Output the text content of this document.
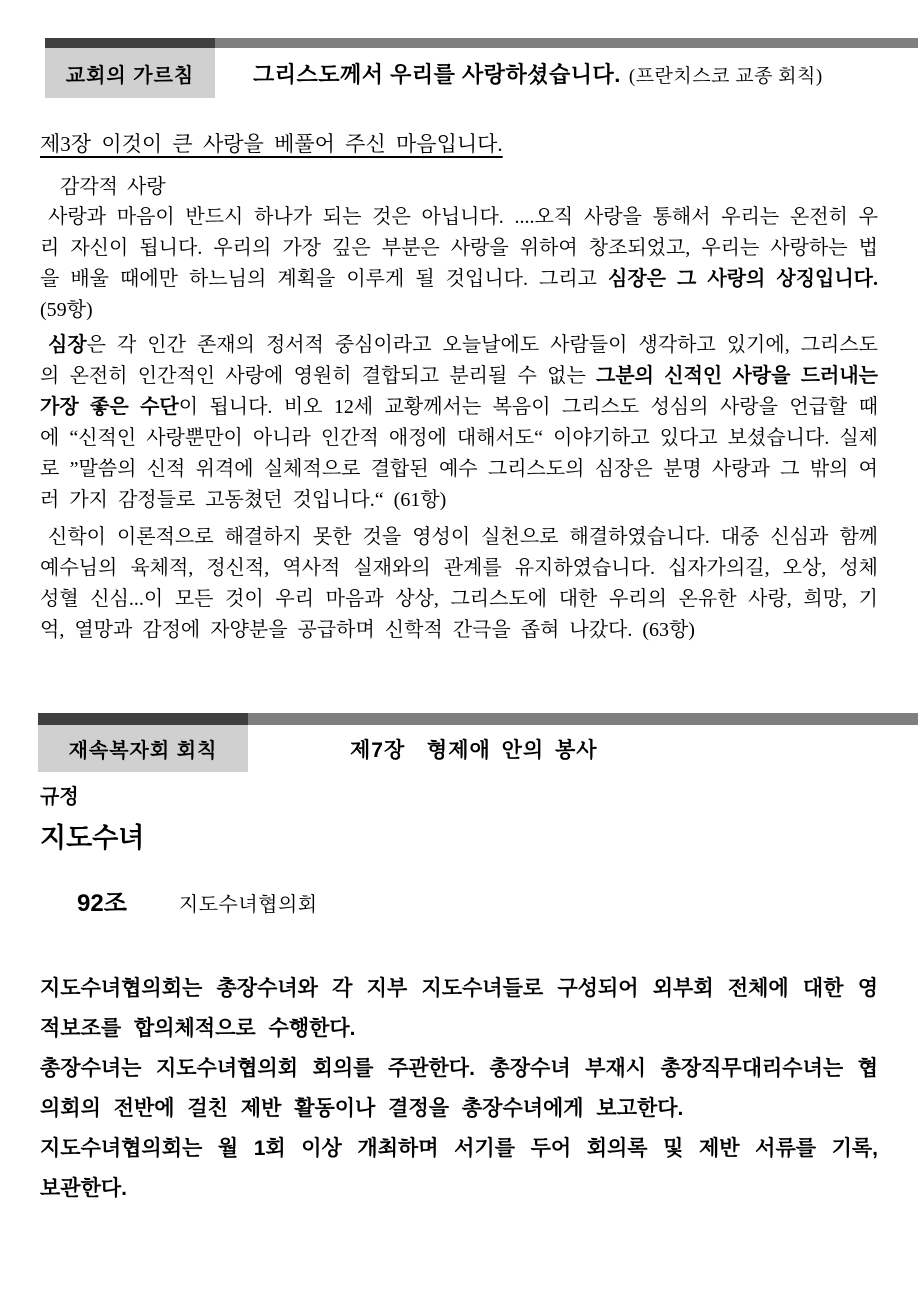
교회의 가르침	그리스도께서 우리를 사랑하셨습니다. (프란치스코 교종 회칙)
제3장 이것이 큰 사랑을 베풀어 주신 마음입니다.
감각적 사랑

사랑과 마음이 반드시 하나가 되는 것은 아닙니다. ....오직 사랑을 통해서 우리는 온전히 우리 자신이 됩니다. 우리의 가장 깊은 부분은 사랑을 위하여 창조되었고, 우리는 사랑하는 법을 배울 때에만 하느님의 계획을 이루게 될 것입니다. 그리고 심장은 그 사랑의 상징입니다. (59항)

심장은 각 인간 존재의 정서적 중심이라고 오늘날에도 사람들이 생각하고 있기에, 그리스도의 온전히 인간적인 사랑에 영원히 결합되고 분리될 수 없는 그분의 신적인 사랑을 드러내는 가장 좋은 수단이 됩니다. 비오 12세 교황께서는 복음이 그리스도 성심의 사랑을 언급할 때에 “신적인 사랑뿐만이 아니라 인간적 애정에 대해서도“ 이야기하고 있다고 보셨습니다. 실제로 ”말씀의 신적 위격에 실체적으로 결합된 예수 그리스도의 심장은 분명 사랑과 그 밖의 여러 가지 감정들로 고동쳤던 것입니다.“ (61항)

신학이 이론적으로 해결하지 못한 것을 영성이 실천으로 해결하였습니다. 대중 신심과 함께 예수님의 육체적, 정신적, 역사적 실재와의 관계를 유지하였습니다. 십자가의길, 오상, 성체 성혈 신심...이 모든 것이 우리 마음과 상상, 그리스도에 대한 우리의 온유한 사랑, 희망, 기억, 열망과 감정에 자양분을 공급하며 신학적 간극을 좁혀 나갔다. (63항)

재속복자회 회칙	제7장  형제애 안의 봉사
규정
지도수녀
92조	지도수녀협의회

지도수녀협의회는 총장수녀와 각 지부 지도수녀들로 구성되어 외부회 전체에 대한 영적보조를 합의체적으로 수행한다.

총장수녀는 지도수녀협의회 회의를 주관한다. 총장수녀 부재시 총장직무대리수녀는 협의회의 전반에 걸친 제반 활동이나 결정을 총장수녀에게 보고한다.

지도수녀협의회는 월 1회 이상 개최하며 서기를 두어 회의록 및 제반 서류를 기록, 보관한다.
